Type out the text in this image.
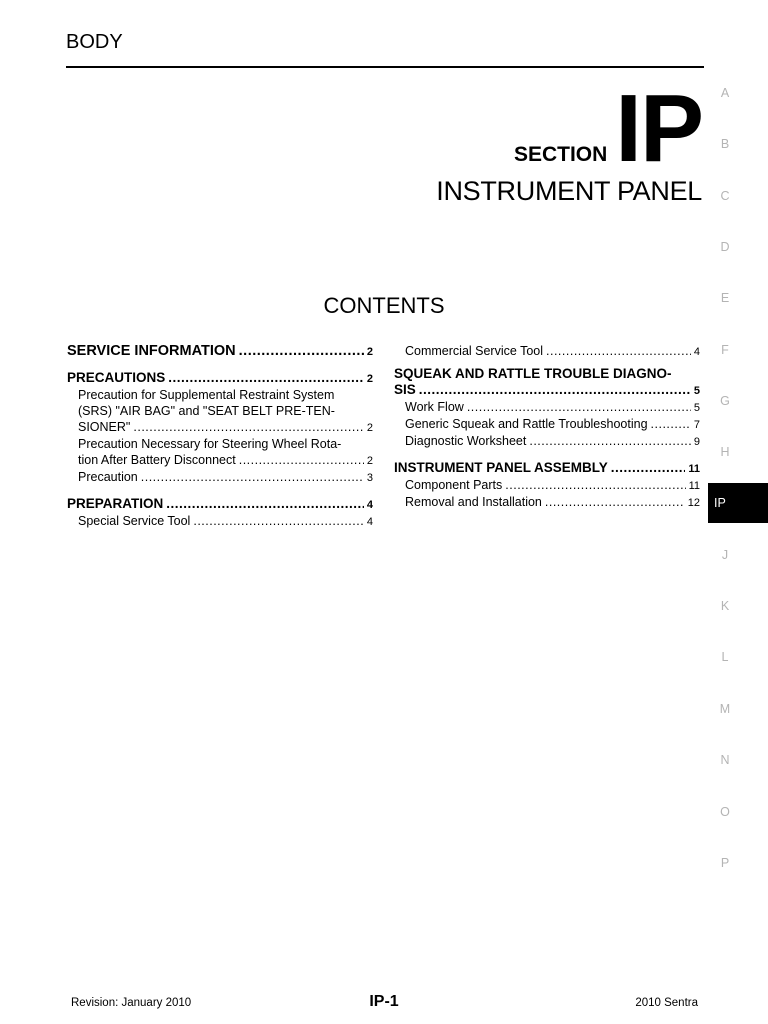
BODY
SECTIONIP
INSTRUMENT PANEL
CONTENTS
SERVICE INFORMATION .....	2
PRECAUTIONS .....	2
Precaution for Supplemental Restraint System
(SRS) "AIR BAG" and "SEAT BELT PRE-TEN-
SIONER" .....	2
Precaution Necessary for Steering Wheel Rota-
tion After Battery Disconnect .....	2
Precaution .....	3
PREPARATION .....	4
Special Service Tool .....	4
Commercial Service Tool .....	4
SQUEAK AND RATTLE TROUBLE DIAGNO-
SIS .....	5
Work Flow .....	5
Generic Squeak and Rattle Troubleshooting .....	7
Diagnostic Worksheet .....	9
INSTRUMENT PANEL ASSEMBLY .....	11
Component Parts .....	11
Removal and Installation .....	12
A
B
C
D
E
F
G
H
IP
J
K
L
M
N
O
P
Revision: January 2010	IP-1	2010 Sentra
